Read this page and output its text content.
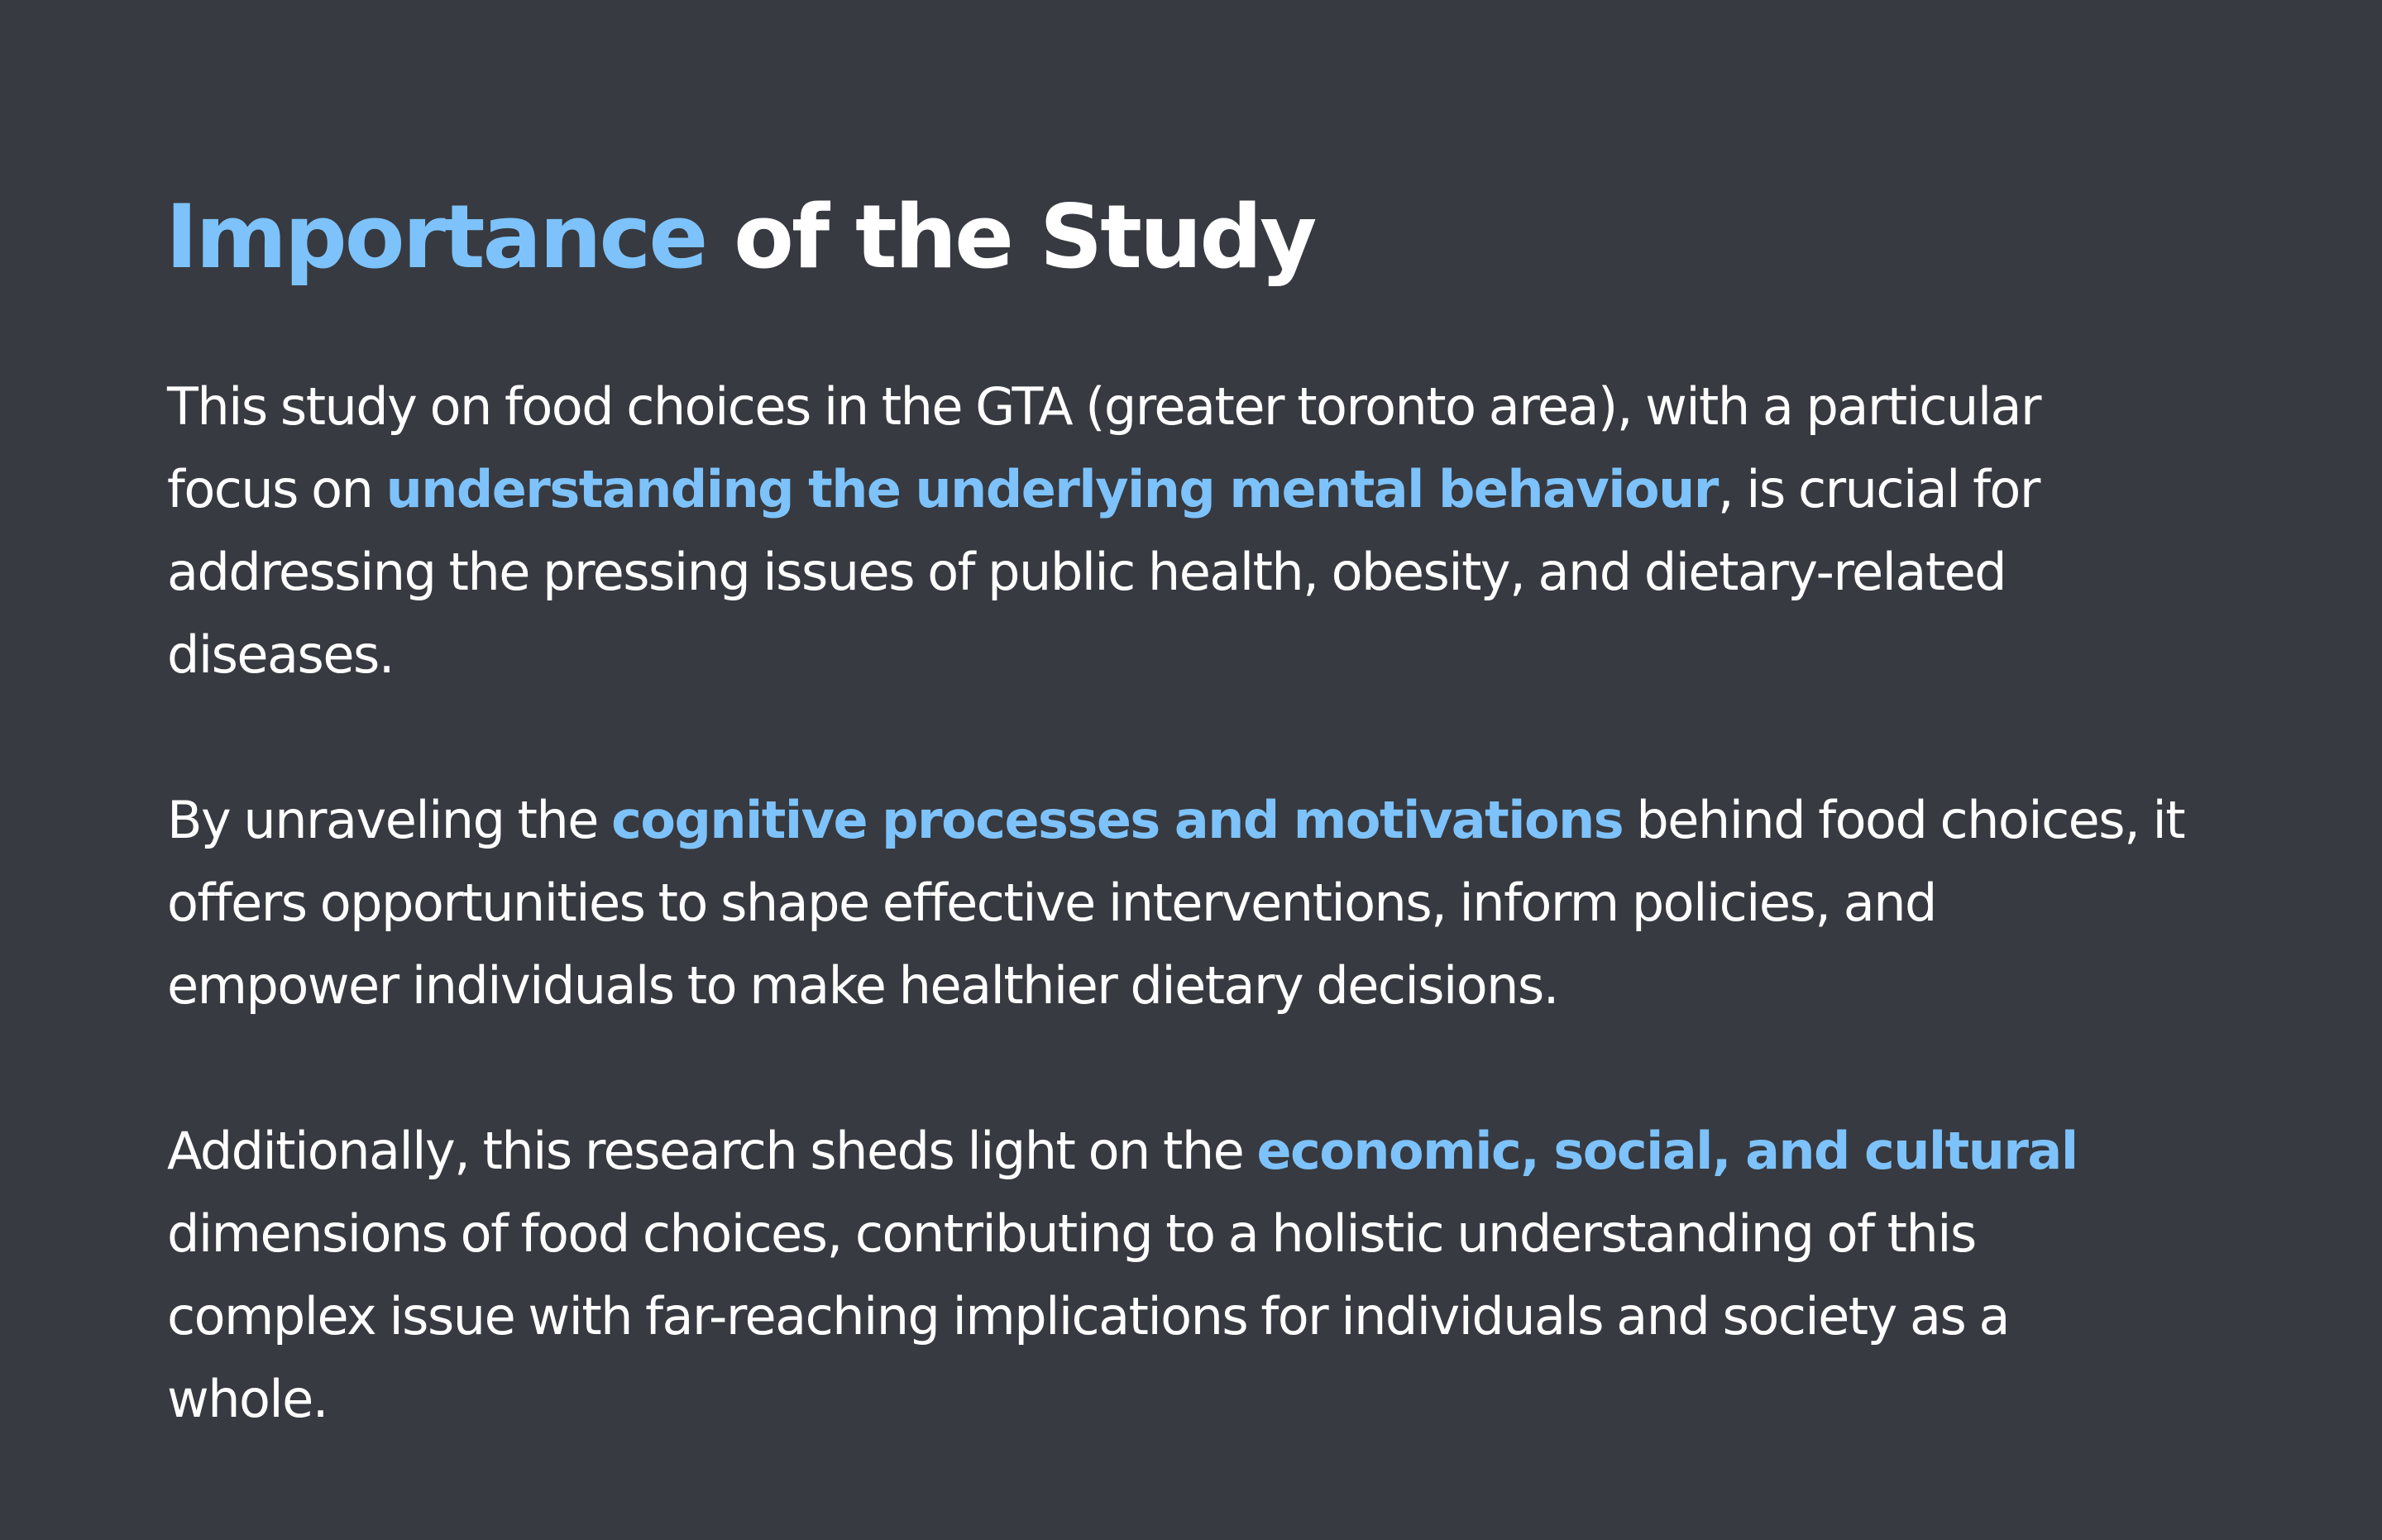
Importance of the Study

This study on food choices in the GTA (greater toronto area), with a particular
focus on understanding the underlying mental behaviour, is crucial for
addressing the pressing issues of public health, obesity, and dietary-related
diseases.

By unraveling the cognitive processes and motivations behind food choices, it
offers opportunities to shape effective interventions, inform policies, and
empower individuals to make healthier dietary decisions.

Additionally, this research sheds light on the economic, social, and cultural
dimensions of food choices, contributing to a holistic understanding of this
complex issue with far-reaching implications for individuals and society as a
whole.
